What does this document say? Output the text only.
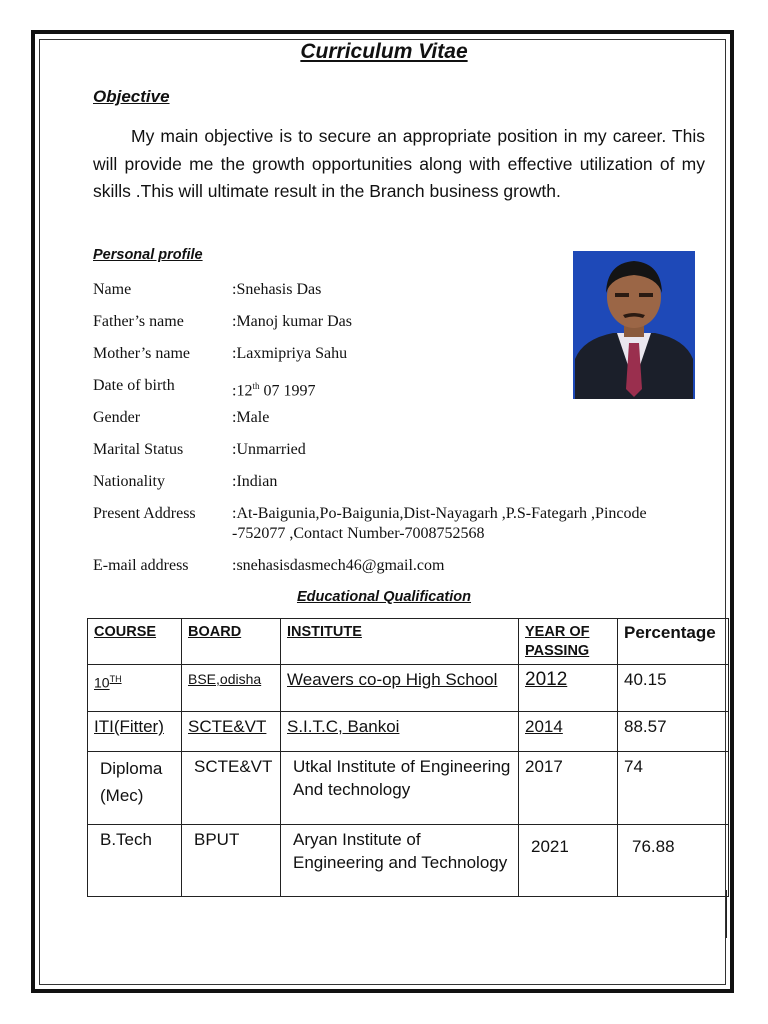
Curriculum Vitae
Objective
My main objective is to secure an appropriate position in my career. This will provide me the growth opportunities along with effective utilization of my skills .This will ultimate result in the Branch business growth.
Personal profile
Name	:Snehasis Das
Father’s name	:Manoj kumar Das
Mother’s name	:Laxmipriya Sahu
Date of birth	:12th 07 1997
Gender	:Male
Marital Status	:Unmarried
Nationality	:Indian
Present Address	:At-Baigunia,Po-Baigunia,Dist-Nayagarh ,P.S-Fategarh ,Pincode -752077 ,Contact Number-7008752568
E-mail address	:snehasisdasmech46@gmail.com
Educational Qualification
COURSE	BOARD	INSTITUTE	YEAR OF PASSING	Percentage
10TH	BSE,odisha	Weavers co-op High School	2012	40.15
ITI(Fitter)	SCTE&VT	S.I.T.C, Bankoi	2014	88.57
Diploma (Mec)	SCTE&VT	Utkal Institute of Engineering And technology	2017	74
B.Tech	BPUT	Aryan Institute of Engineering and Technology	2021	76.88
